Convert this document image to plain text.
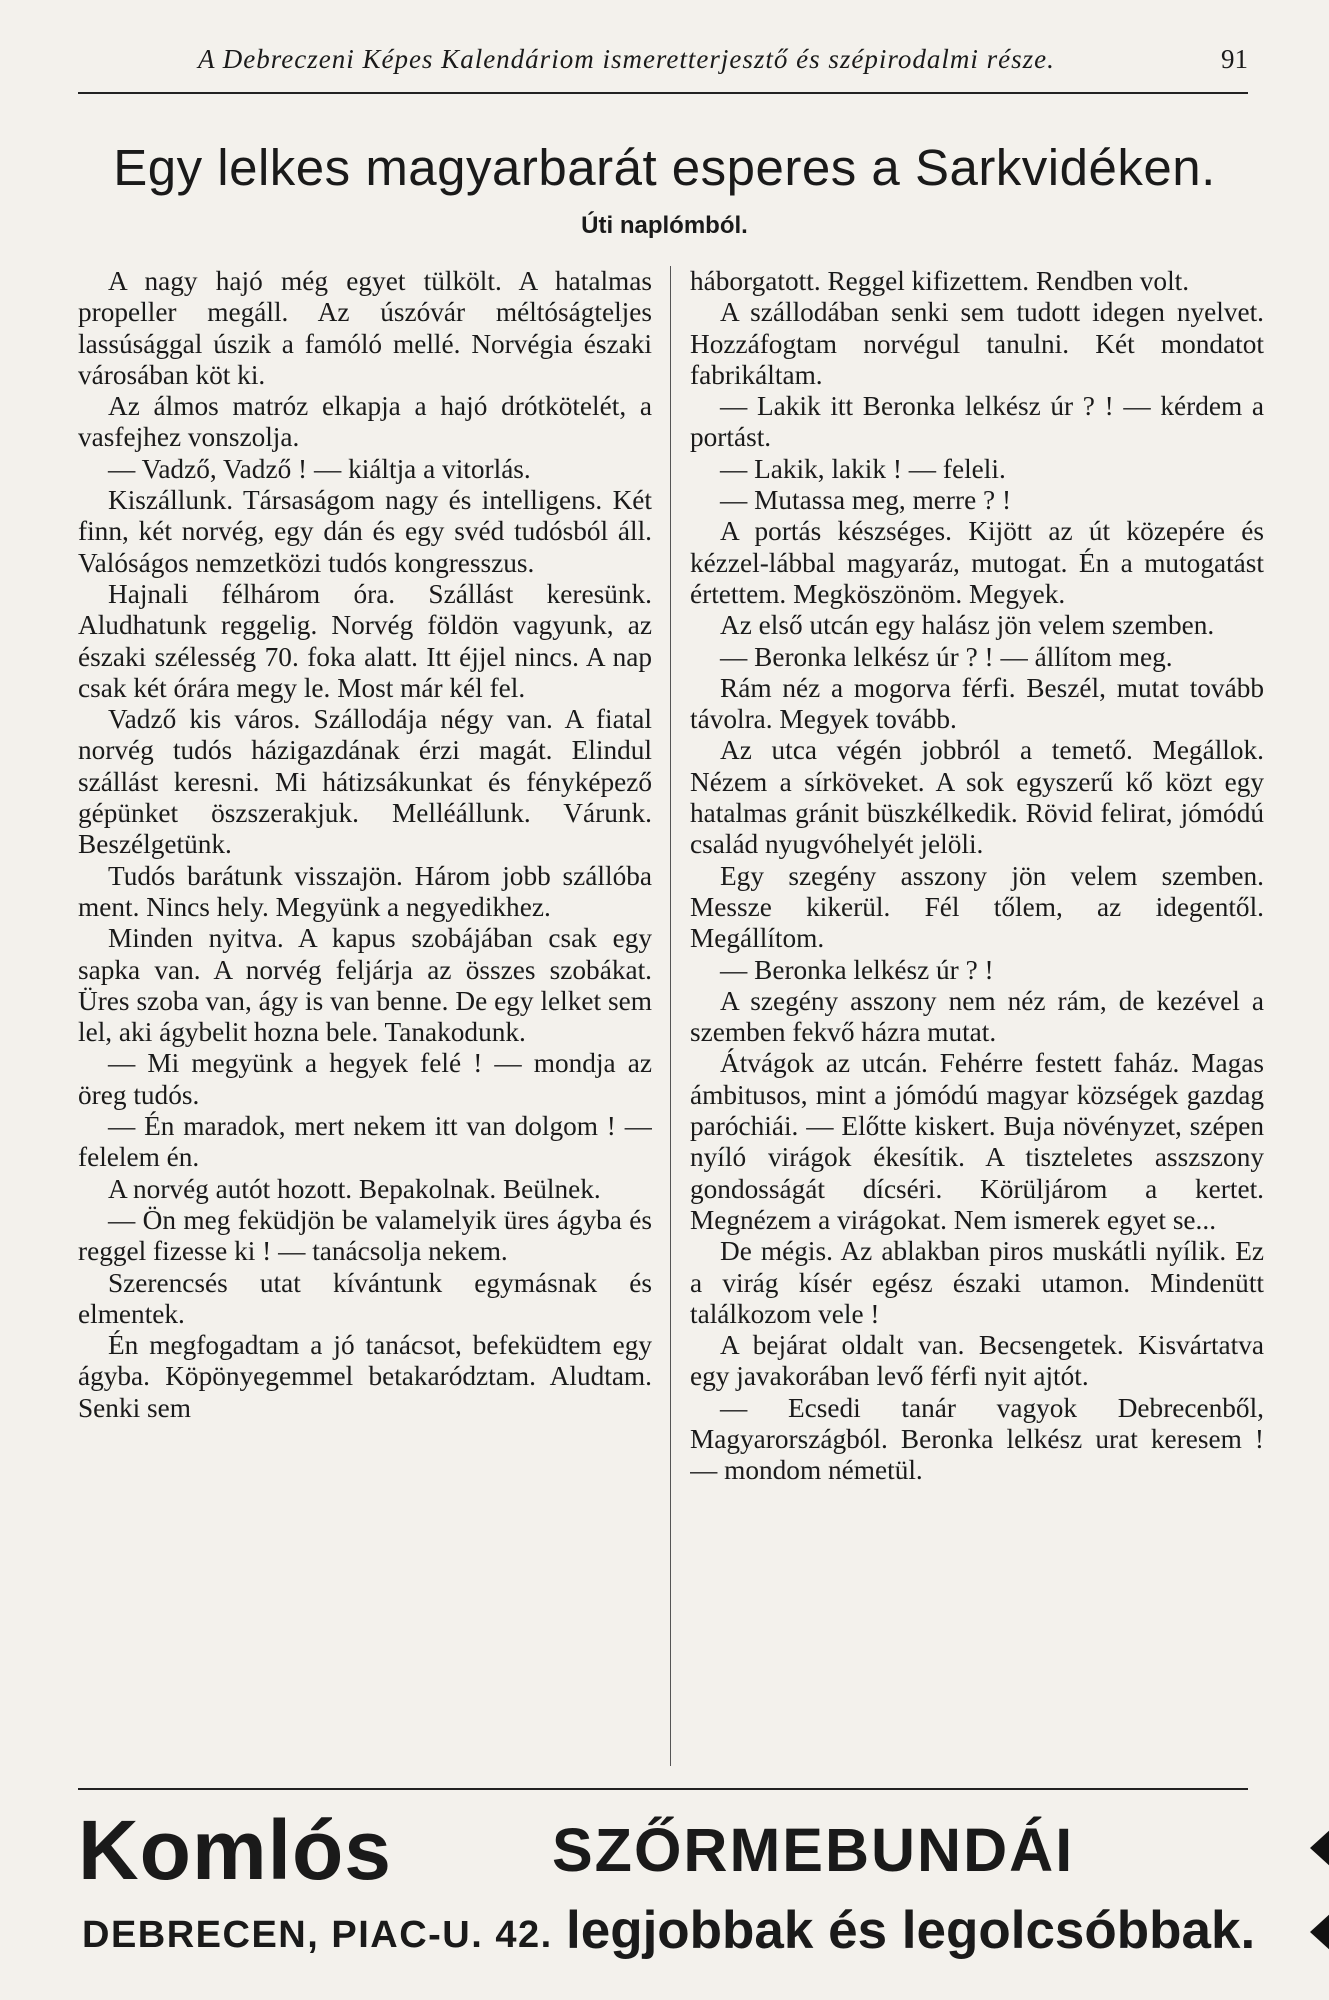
A Debreczeni Képes Kalendáriom ismeretterjesztő és szépirodalmi része.	91
Egy lelkes magyarbarát esperes a Sarkvidéken.
Úti naplómból.

A nagy hajó még egyet tülkölt. A hatalmas propeller megáll. Az úszóvár méltóságteljes lassúsággal úszik a famóló mellé. Norvégia északi városában köt ki.

Az álmos matróz elkapja a hajó drótkötelét, a vasfejhez vonszolja.

— Vadző, Vadző ! — kiáltja a vitorlás.

Kiszállunk. Társaságom nagy és intelligens. Két finn, két norvég, egy dán és egy svéd tudósból áll. Valóságos nemzetközi tudós kongresszus.

Hajnali félhárom óra. Szállást keresünk. Aludhatunk reggelig. Norvég földön vagyunk, az északi szélesség 70. foka alatt. Itt éjjel nincs. A nap csak két órára megy le. Most már kél fel.

Vadző kis város. Szállodája négy van. A fiatal norvég tudós házigazdának érzi magát. Elindul szállást keresni. Mi hátizsákunkat és fényképező gépünket öszszerakjuk. Melléállunk. Várunk. Beszélgetünk.

Tudós barátunk visszajön. Három jobb szállóba ment. Nincs hely. Megyünk a negyedikhez.

Minden nyitva. A kapus szobájában csak egy sapka van. A norvég feljárja az összes szobákat. Üres szoba van, ágy is van benne. De egy lelket sem lel, aki ágybelit hozna bele. Tanakodunk.

— Mi megyünk a hegyek felé ! — mondja az öreg tudós.

— Én maradok, mert nekem itt van dolgom ! — felelem én.

A norvég autót hozott. Bepakolnak. Beülnek.

— Ön meg feküdjön be valamelyik üres ágyba és reggel fizesse ki ! — tanácsolja nekem.

Szerencsés utat kívántunk egymásnak és elmentek.

Én megfogadtam a jó tanácsot, befeküdtem egy ágyba. Köpönyegemmel betakarództam. Aludtam. Senki sem

háborgatott. Reggel kifizettem. Rendben volt.

A szállodában senki sem tudott idegen nyelvet. Hozzáfogtam norvégul tanulni. Két mondatot fabrikáltam.

— Lakik itt Beronka lelkész úr ? ! — kérdem a portást.

— Lakik, lakik ! — feleli.

— Mutassa meg, merre ? !

A portás készséges. Kijött az út közepére és kézzel-lábbal magyaráz, mutogat. Én a mutogatást értettem. Megköszönöm. Megyek.

Az első utcán egy halász jön velem szemben.

— Beronka lelkész úr ? ! — állítom meg.

Rám néz a mogorva férfi. Beszél, mutat tovább távolra. Megyek tovább.

Az utca végén jobbról a temető. Megállok. Nézem a sírköveket. A sok egyszerű kő közt egy hatalmas gránit büszkélkedik. Rövid felirat, jómódú család nyugvóhelyét jelöli.

Egy szegény asszony jön velem szemben. Messze kikerül. Fél tőlem, az idegentől. Megállítom.

— Beronka lelkész úr ? !

A szegény asszony nem néz rám, de kezével a szemben fekvő házra mutat.

Átvágok az utcán. Fehérre festett faház. Magas ámbitusos, mint a jómódú magyar községek gazdag paróchiái. — Előtte kiskert. Buja növényzet, szépen nyíló virágok ékesítik. A tiszteletes asszszony gondosságát dícséri. Körüljárom a kertet. Megnézem a virágokat. Nem ismerek egyet se...

De mégis. Az ablakban piros muskátli nyílik. Ez a virág kísér egész északi utamon. Mindenütt találkozom vele !

A bejárat oldalt van. Becsengetek. Kisvártatva egy javakorában levő férfi nyit ajtót.

— Ecsedi tanár vagyok Debrecenből, Magyarországból. Beronka lelkész urat keresem ! — mondom németül.

Komlós	SZŐRMEBUNDÁI
DEBRECEN, PIAC-U. 42. legjobbak és legolcsóbbak.
